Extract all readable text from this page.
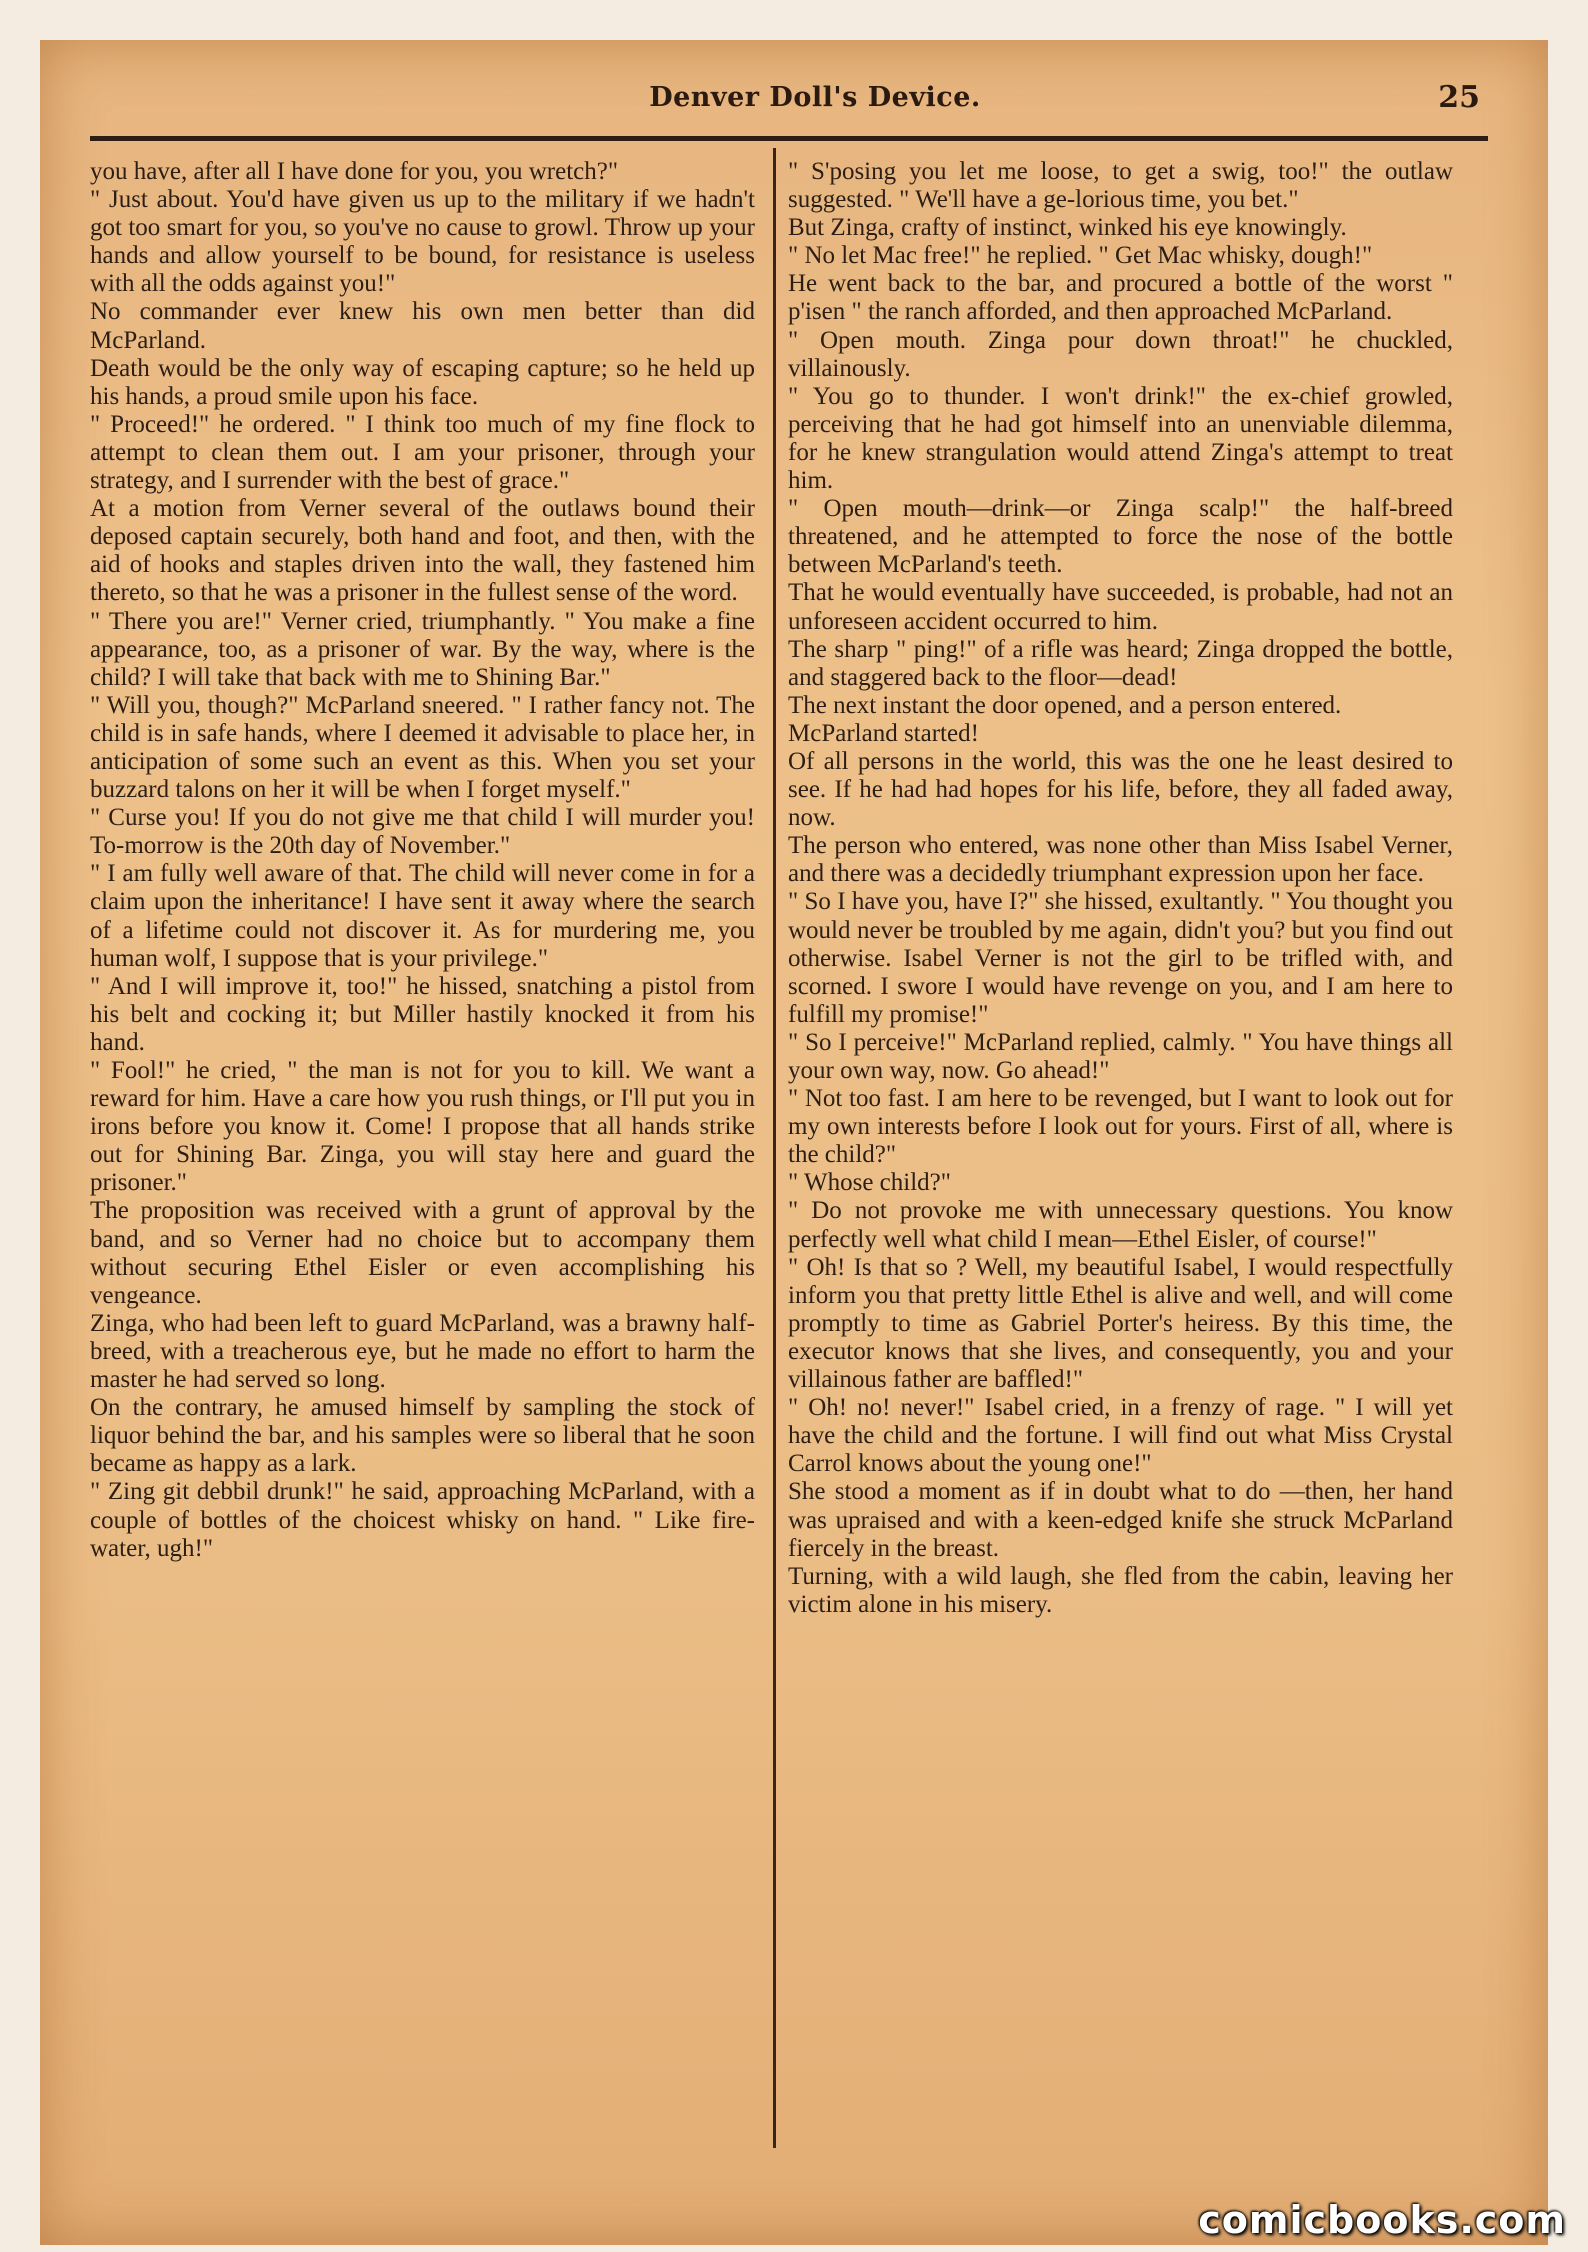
Denver Doll's Device.	25

you have, after all I have done for you, you wretch?"

" Just about. You'd have given us up to the military if we hadn't got too smart for you, so you've no cause to growl. Throw up your hands and allow yourself to be bound, for resistance is useless with all the odds against you!"

No commander ever knew his own men better than did McParland.

Death would be the only way of escaping capture; so he held up his hands, a proud smile upon his face.

" Proceed!" he ordered. " I think too much of my fine flock to attempt to clean them out. I am your prisoner, through your strategy, and I surrender with the best of grace."

At a motion from Verner several of the outlaws bound their deposed captain securely, both hand and foot, and then, with the aid of hooks and staples driven into the wall, they fastened him thereto, so that he was a prisoner in the fullest sense of the word.

" There you are!" Verner cried, triumphantly. " You make a fine appearance, too, as a prisoner of war. By the way, where is the child? I will take that back with me to Shining Bar."

" Will you, though?" McParland sneered. " I rather fancy not. The child is in safe hands, where I deemed it advisable to place her, in anticipation of some such an event as this. When you set your buzzard talons on her it will be when I forget myself."

" Curse you! If you do not give me that child I will murder you! To-morrow is the 20th day of November."

" I am fully well aware of that. The child will never come in for a claim upon the inheritance! I have sent it away where the search of a lifetime could not discover it. As for murdering me, you human wolf, I suppose that is your privilege."

" And I will improve it, too!" he hissed, snatching a pistol from his belt and cocking it; but Miller hastily knocked it from his hand.

" Fool!" he cried, " the man is not for you to kill. We want a reward for him. Have a care how you rush things, or I'll put you in irons before you know it. Come! I propose that all hands strike out for Shining Bar. Zinga, you will stay here and guard the prisoner."

The proposition was received with a grunt of approval by the band, and so Verner had no choice but to accompany them without securing Ethel Eisler or even accomplishing his vengeance.

Zinga, who had been left to guard McParland, was a brawny half-breed, with a treacherous eye, but he made no effort to harm the master he had served so long.

On the contrary, he amused himself by sampling the stock of liquor behind the bar, and his samples were so liberal that he soon became as happy as a lark.

" Zing git debbil drunk!" he said, approaching McParland, with a couple of bottles of the choicest whisky on hand. " Like fire-water, ugh!"

" S'posing you let me loose, to get a swig, too!" the outlaw suggested. " We'll have a ge-lorious time, you bet."

But Zinga, crafty of instinct, winked his eye knowingly.

" No let Mac free!" he replied. " Get Mac whisky, dough!"

He went back to the bar, and procured a bottle of the worst " p'isen " the ranch afforded, and then approached McParland.

" Open mouth. Zinga pour down throat!" he chuckled, villainously.

" You go to thunder. I won't drink!" the ex-chief growled, perceiving that he had got himself into an unenviable dilemma, for he knew strangulation would attend Zinga's attempt to treat him.

" Open mouth—drink—or Zinga scalp!" the half-breed threatened, and he attempted to force the nose of the bottle between McParland's teeth.

That he would eventually have succeeded, is probable, had not an unforeseen accident occurred to him.

The sharp " ping!" of a rifle was heard; Zinga dropped the bottle, and staggered back to the floor—dead!

The next instant the door opened, and a person entered.

McParland started!

Of all persons in the world, this was the one he least desired to see. If he had had hopes for his life, before, they all faded away, now.

The person who entered, was none other than Miss Isabel Verner, and there was a decidedly triumphant expression upon her face.

" So I have you, have I?" she hissed, exultantly. " You thought you would never be troubled by me again, didn't you? but you find out otherwise. Isabel Verner is not the girl to be trifled with, and scorned. I swore I would have revenge on you, and I am here to fulfill my promise!"

" So I perceive!" McParland replied, calmly. " You have things all your own way, now. Go ahead!"

" Not too fast. I am here to be revenged, but I want to look out for my own interests before I look out for yours. First of all, where is the child?"

" Whose child?"

" Do not provoke me with unnecessary questions. You know perfectly well what child I mean—Ethel Eisler, of course!"

" Oh! Is that so ? Well, my beautiful Isabel, I would respectfully inform you that pretty little Ethel is alive and well, and will come promptly to time as Gabriel Porter's heiress. By this time, the executor knows that she lives, and consequently, you and your villainous father are baffled!"

" Oh! no! never!" Isabel cried, in a frenzy of rage. " I will yet have the child and the fortune. I will find out what Miss Crystal Carrol knows about the young one!"

She stood a moment as if in doubt what to do —then, her hand was upraised and with a keen-edged knife she struck McParland fiercely in the breast.

Turning, with a wild laugh, she fled from the cabin, leaving her victim alone in his misery.

comicbooks.com
